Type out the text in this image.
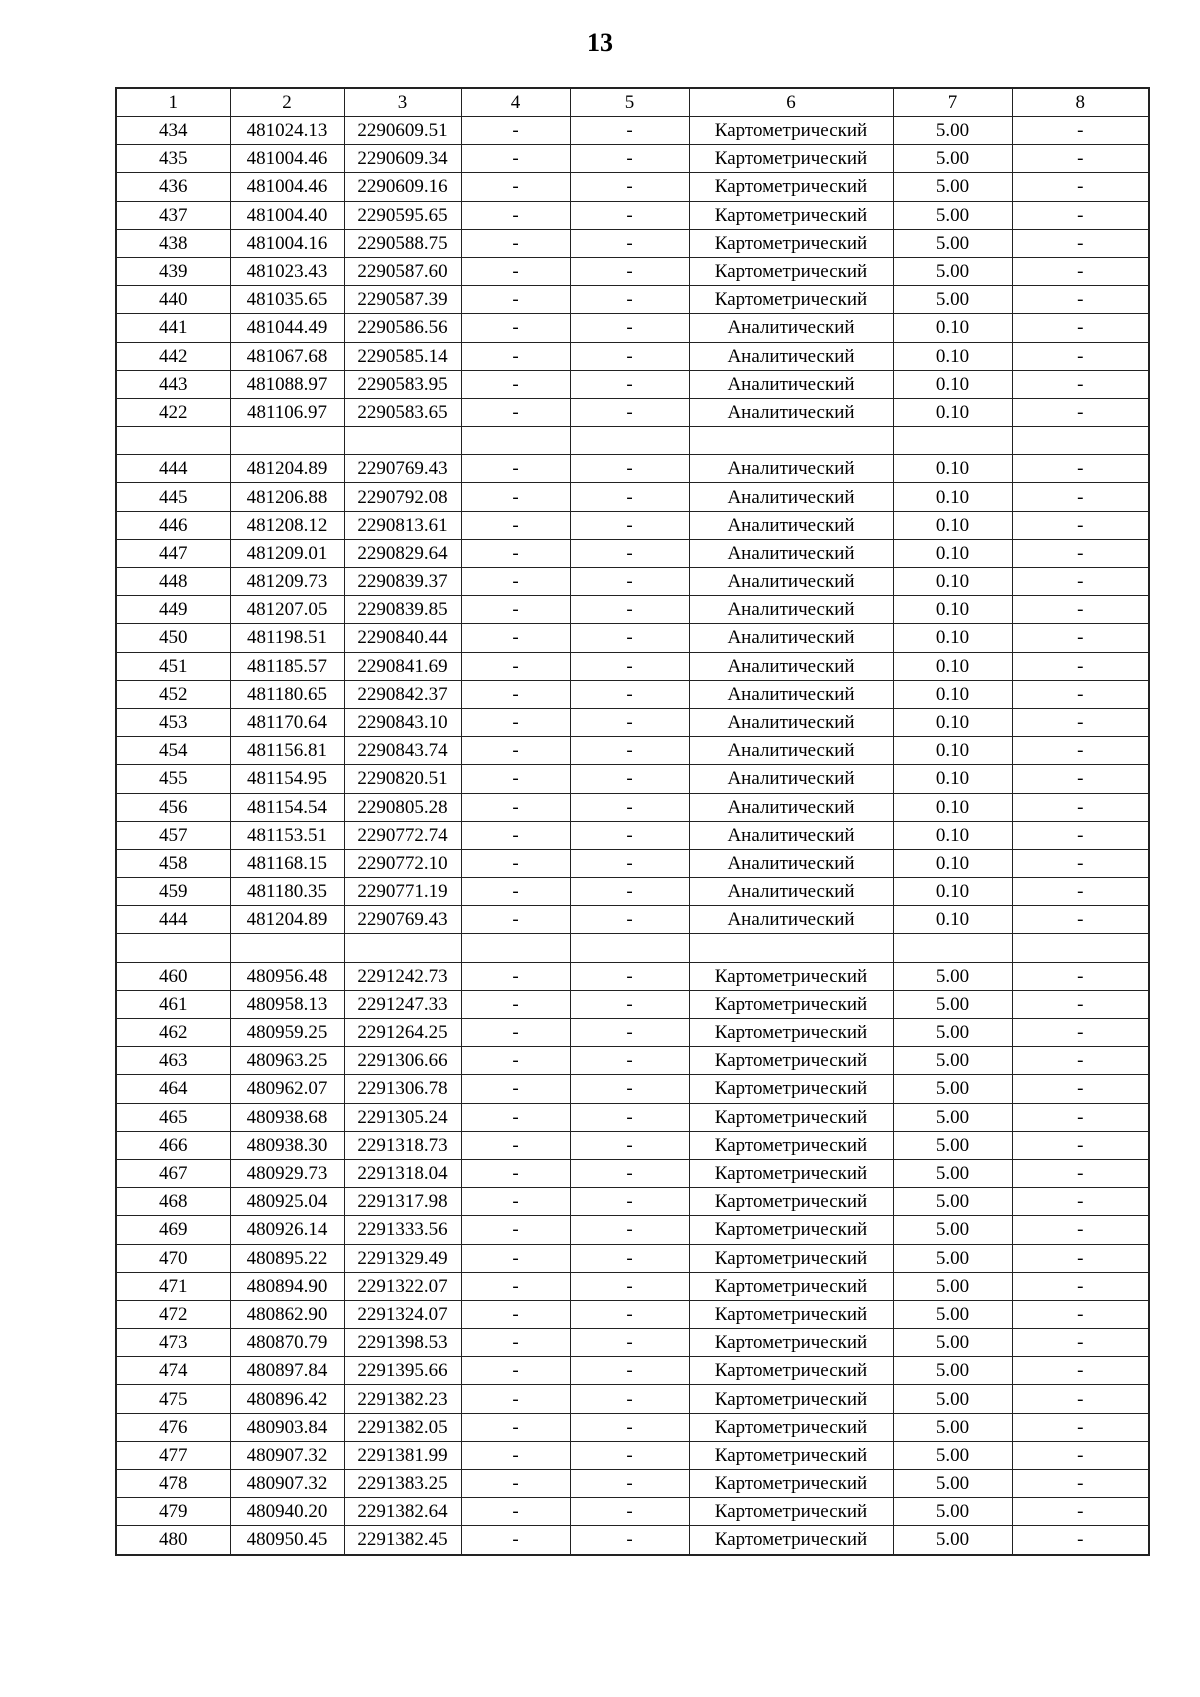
13
1	2	3	4	5	6	7	8
434	481024.13	2290609.51	-	-	Картометрический	5.00	-
435	481004.46	2290609.34	-	-	Картометрический	5.00	-
436	481004.46	2290609.16	-	-	Картометрический	5.00	-
437	481004.40	2290595.65	-	-	Картометрический	5.00	-
438	481004.16	2290588.75	-	-	Картометрический	5.00	-
439	481023.43	2290587.60	-	-	Картометрический	5.00	-
440	481035.65	2290587.39	-	-	Картометрический	5.00	-
441	481044.49	2290586.56	-	-	Аналитический	0.10	-
442	481067.68	2290585.14	-	-	Аналитический	0.10	-
443	481088.97	2290583.95	-	-	Аналитический	0.10	-
422	481106.97	2290583.65	-	-	Аналитический	0.10	-

444	481204.89	2290769.43	-	-	Аналитический	0.10	-
445	481206.88	2290792.08	-	-	Аналитический	0.10	-
446	481208.12	2290813.61	-	-	Аналитический	0.10	-
447	481209.01	2290829.64	-	-	Аналитический	0.10	-
448	481209.73	2290839.37	-	-	Аналитический	0.10	-
449	481207.05	2290839.85	-	-	Аналитический	0.10	-
450	481198.51	2290840.44	-	-	Аналитический	0.10	-
451	481185.57	2290841.69	-	-	Аналитический	0.10	-
452	481180.65	2290842.37	-	-	Аналитический	0.10	-
453	481170.64	2290843.10	-	-	Аналитический	0.10	-
454	481156.81	2290843.74	-	-	Аналитический	0.10	-
455	481154.95	2290820.51	-	-	Аналитический	0.10	-
456	481154.54	2290805.28	-	-	Аналитический	0.10	-
457	481153.51	2290772.74	-	-	Аналитический	0.10	-
458	481168.15	2290772.10	-	-	Аналитический	0.10	-
459	481180.35	2290771.19	-	-	Аналитический	0.10	-
444	481204.89	2290769.43	-	-	Аналитический	0.10	-

460	480956.48	2291242.73	-	-	Картометрический	5.00	-
461	480958.13	2291247.33	-	-	Картометрический	5.00	-
462	480959.25	2291264.25	-	-	Картометрический	5.00	-
463	480963.25	2291306.66	-	-	Картометрический	5.00	-
464	480962.07	2291306.78	-	-	Картометрический	5.00	-
465	480938.68	2291305.24	-	-	Картометрический	5.00	-
466	480938.30	2291318.73	-	-	Картометрический	5.00	-
467	480929.73	2291318.04	-	-	Картометрический	5.00	-
468	480925.04	2291317.98	-	-	Картометрический	5.00	-
469	480926.14	2291333.56	-	-	Картометрический	5.00	-
470	480895.22	2291329.49	-	-	Картометрический	5.00	-
471	480894.90	2291322.07	-	-	Картометрический	5.00	-
472	480862.90	2291324.07	-	-	Картометрический	5.00	-
473	480870.79	2291398.53	-	-	Картометрический	5.00	-
474	480897.84	2291395.66	-	-	Картометрический	5.00	-
475	480896.42	2291382.23	-	-	Картометрический	5.00	-
476	480903.84	2291382.05	-	-	Картометрический	5.00	-
477	480907.32	2291381.99	-	-	Картометрический	5.00	-
478	480907.32	2291383.25	-	-	Картометрический	5.00	-
479	480940.20	2291382.64	-	-	Картометрический	5.00	-
480	480950.45	2291382.45	-	-	Картометрический	5.00	-
